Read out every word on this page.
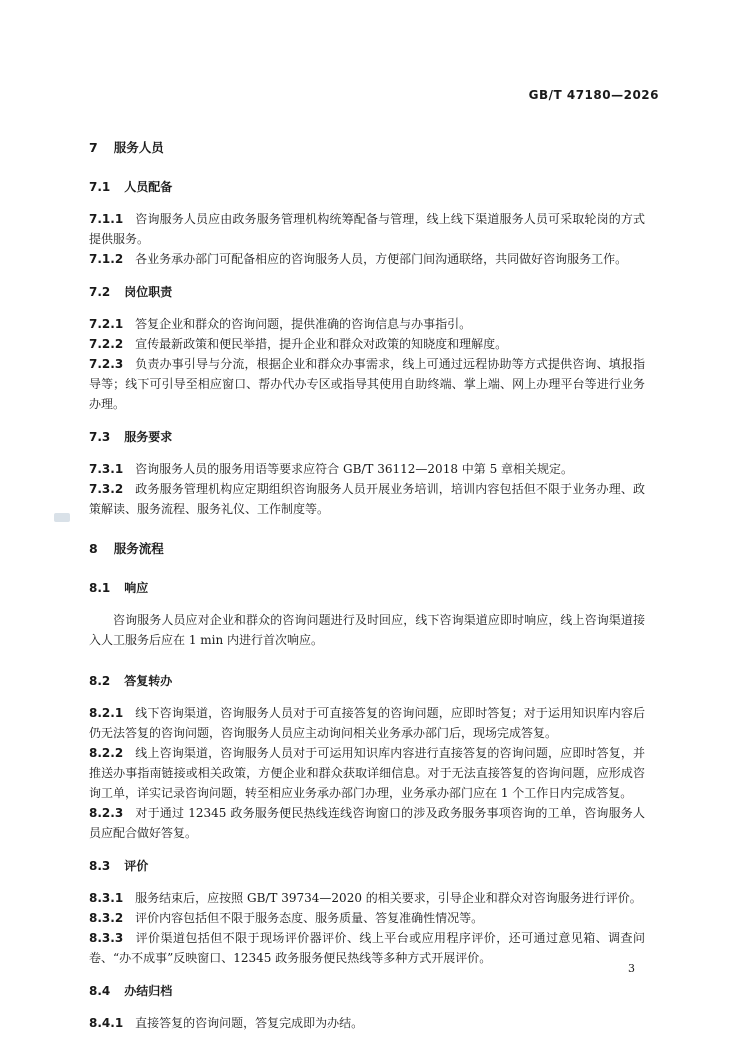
GB/T 47180—2026
7 服务人员
7.1 人员配备

7.1.1 咨询服务人员应由政务服务管理机构统筹配备与管理，线上线下渠道服务人员可采取轮岗的方式提供服务。

7.1.2 各业务承办部门可配备相应的咨询服务人员，方便部门间沟通联络，共同做好咨询服务工作。

7.2 岗位职责

7.2.1 答复企业和群众的咨询问题，提供准确的咨询信息与办事指引。

7.2.2 宣传最新政策和便民举措，提升企业和群众对政策的知晓度和理解度。

7.2.3 负责办事引导与分流，根据企业和群众办事需求，线上可通过远程协助等方式提供咨询、填报指导等；线下可引导至相应窗口、帮办代办专区或指导其使用自助终端、掌上端、网上办理平台等进行业务办理。

7.3 服务要求

7.3.1 咨询服务人员的服务用语等要求应符合 GB/T 36112—2018 中第 5 章相关规定。

7.3.2 政务服务管理机构应定期组织咨询服务人员开展业务培训，培训内容包括但不限于业务办理、政策解读、服务流程、服务礼仪、工作制度等。

8 服务流程
8.1 响应

咨询服务人员应对企业和群众的咨询问题进行及时回应，线下咨询渠道应即时响应，线上咨询渠道接入人工服务后应在 1 min 内进行首次响应。

8.2 答复转办

8.2.1 线下咨询渠道，咨询服务人员对于可直接答复的咨询问题，应即时答复；对于运用知识库内容后仍无法答复的咨询问题，咨询服务人员应主动询问相关业务承办部门后，现场完成答复。

8.2.2 线上咨询渠道，咨询服务人员对于可运用知识库内容进行直接答复的咨询问题，应即时答复，并推送办事指南链接或相关政策，方便企业和群众获取详细信息。对于无法直接答复的咨询问题，应形成咨询工单，详实记录咨询问题，转至相应业务承办部门办理，业务承办部门应在 1 个工作日内完成答复。

8.2.3 对于通过 12345 政务服务便民热线连线咨询窗口的涉及政务服务事项咨询的工单，咨询服务人员应配合做好答复。

8.3 评价

8.3.1 服务结束后，应按照 GB/T 39734—2020 的相关要求，引导企业和群众对咨询服务进行评价。

8.3.2 评价内容包括但不限于服务态度、服务质量、答复准确性情况等。

8.3.3 评价渠道包括但不限于现场评价器评价、线上平台或应用程序评价，还可通过意见箱、调查问卷、“办不成事”反映窗口、12345 政务服务便民热线等多种方式开展评价。

8.4 办结归档

8.4.1 直接答复的咨询问题，答复完成即为办结。

3
